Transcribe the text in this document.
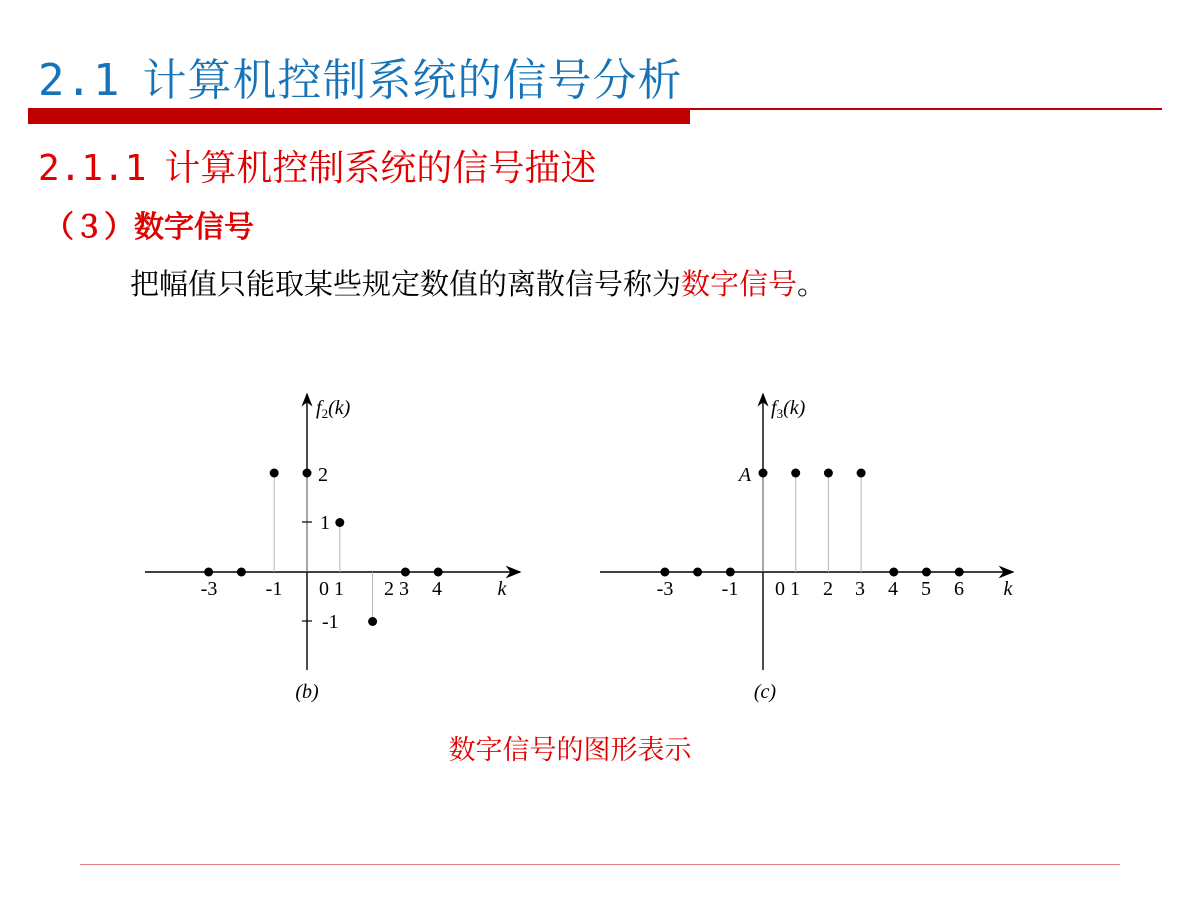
2.1 计算机控制系统的信号分析
2.1.1 计算机控制系统的信号描述
（３）数字信号

把幅值只能取某些规定数值的离散信号称为数字信号。

$f_2(k)$
2
1
-1
-3 -1 0 1 2 3 4	k
(b)
$f_3(k)$
A
-3 -1 0 1 2 3 4 5 6 k
(c)
数字信号的图形表示
